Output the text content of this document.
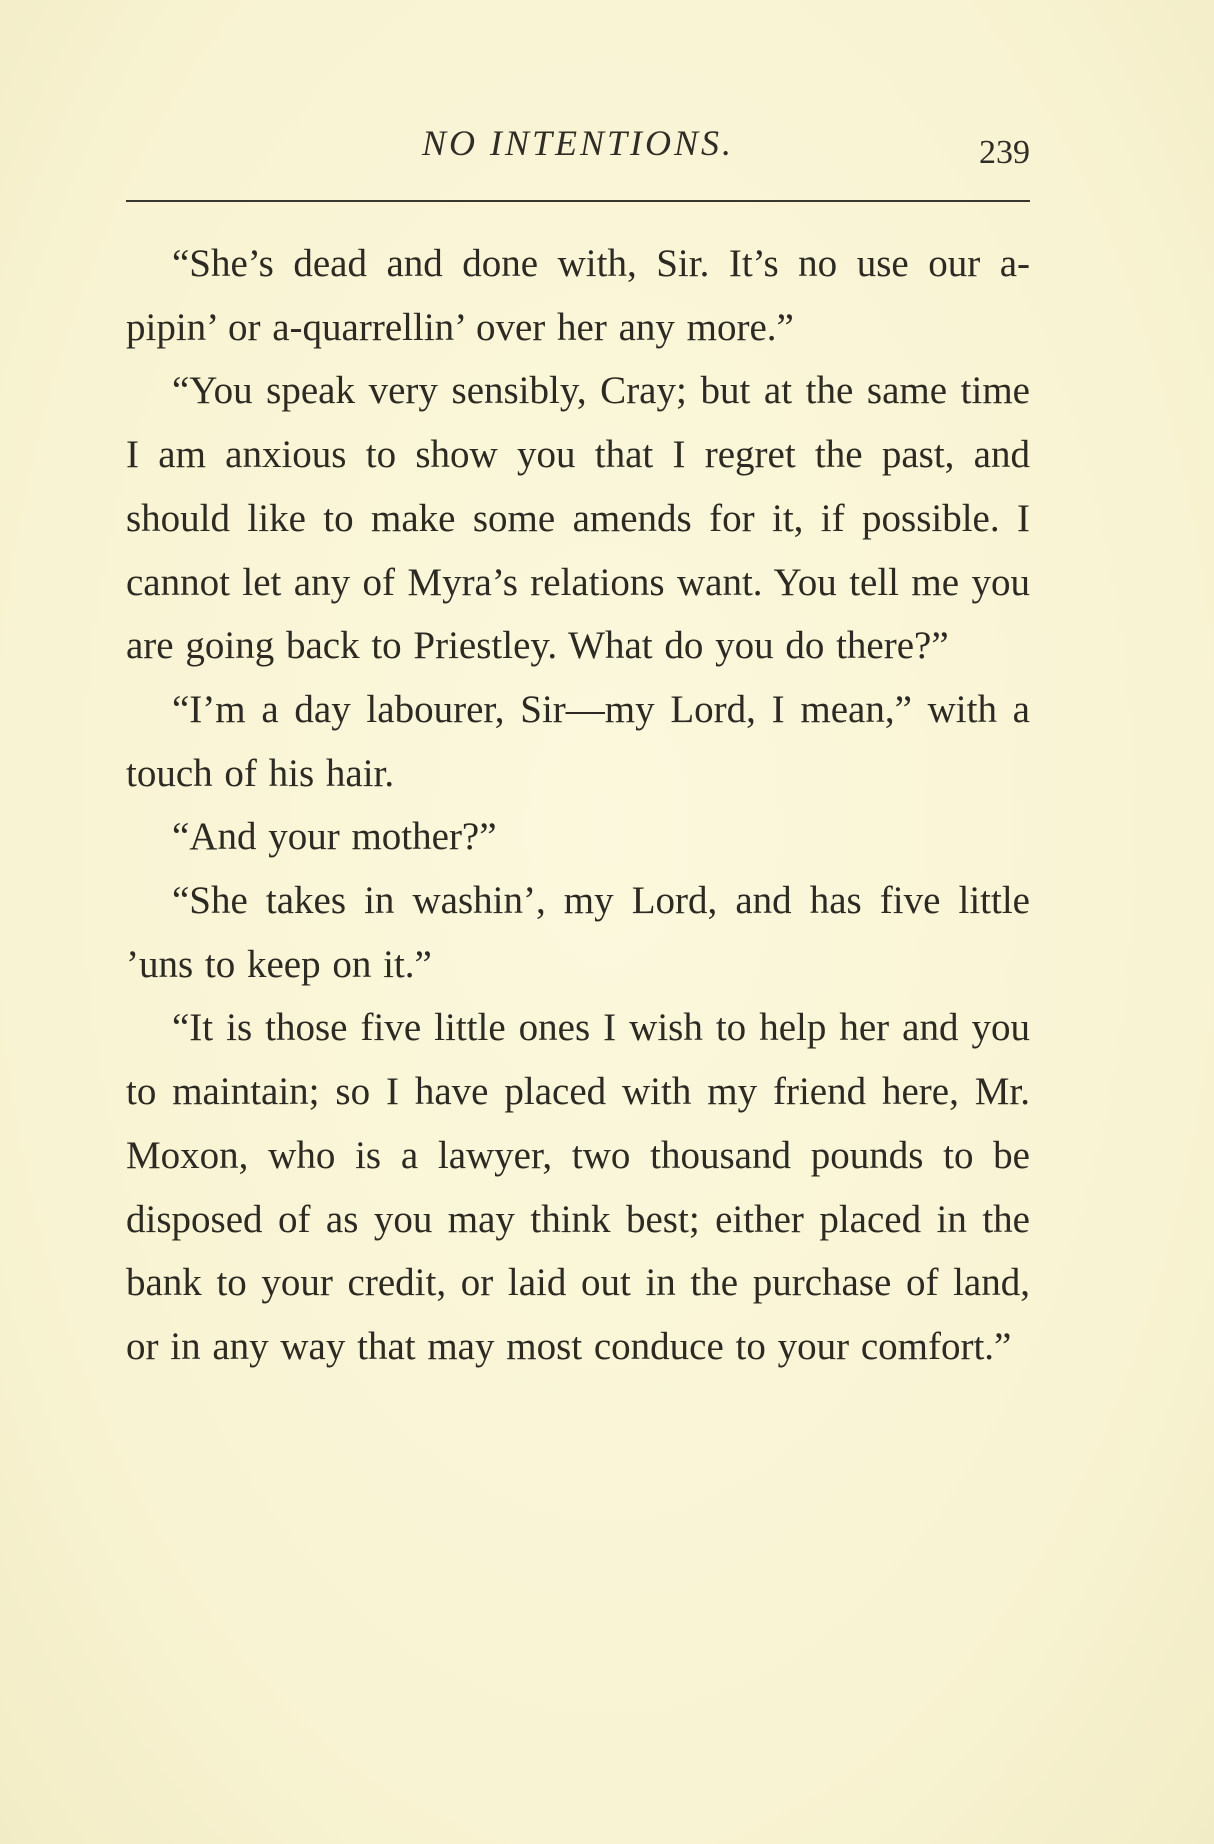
NO INTENTIONS.	239

“She’s dead and done with, Sir. It’s no use our a-pipin’ or a-quarrellin’ over her any more.”

“You speak very sensibly, Cray; but at the same time I am anxious to show you that I regret the past, and should like to make some amends for it, if possible. I cannot let any of Myra’s relations want. You tell me you are going back to Priestley. What do you do there?”

“I’m a day labourer, Sir—my Lord, I mean,” with a touch of his hair.

“And your mother?”

“She takes in washin’, my Lord, and has five little ’uns to keep on it.”

“It is those five little ones I wish to help her and you to maintain; so I have placed with my friend here, Mr. Moxon, who is a lawyer, two thousand pounds to be disposed of as you may think best; either placed in the bank to your credit, or laid out in the purchase of land, or in any way that may most conduce to your comfort.”
